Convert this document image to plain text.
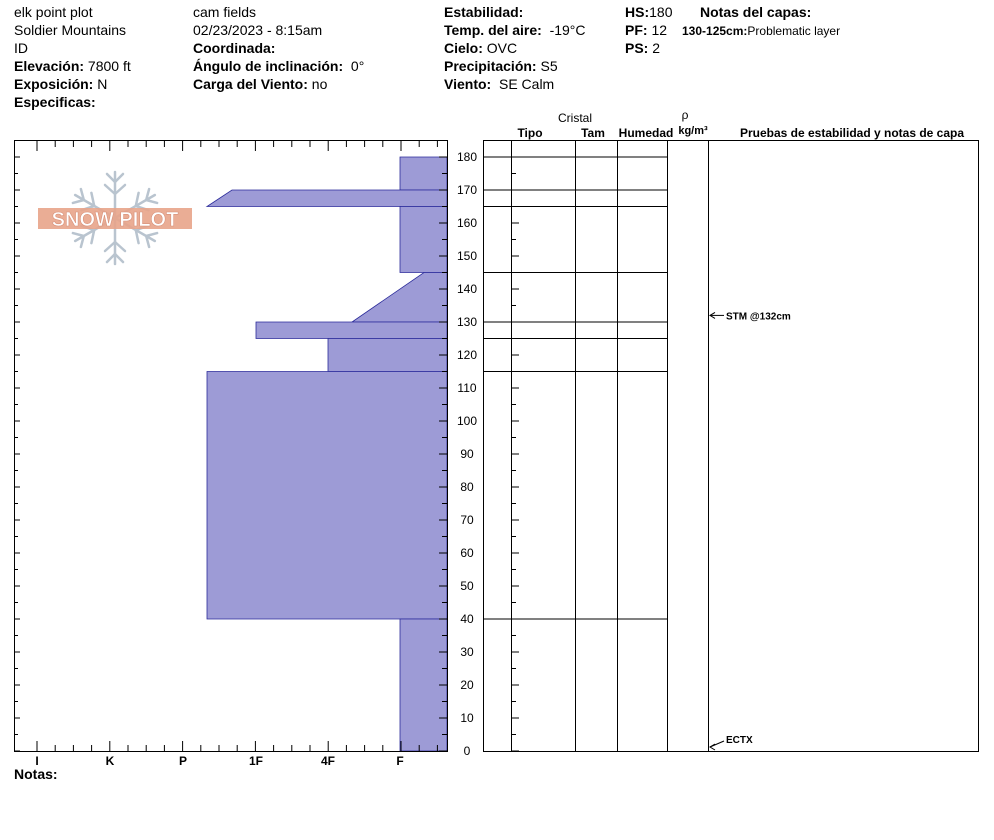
elk point plot
Soldier Mountains
ID
Elevación: 7800 ft
Exposición: N
Especificas:
cam fields
02/23/2023 - 8:15am
Coordinada:
Ángulo de inclinación: 0°
Carga del Viento: no
Estabilidad:
Temp. del aire: -19°C
Cielo: OVC
Precipitación: S5
Viento: SE Calm
HS:180
PF: 12
PS: 2
Notas del capas:
130-125cm:Problematic layer
Notas:
SNOW PILOT
I	K	P	1F	4F	F
0
10
20
30
40
50
60
70
80
90
100
110
120
130
140
150
160
170
180
Cristal
Tipo	Tam Humedad
ρ
kg/m³	Pruebas de estabilidad y notas de capa
STM @132cm
ECTX
